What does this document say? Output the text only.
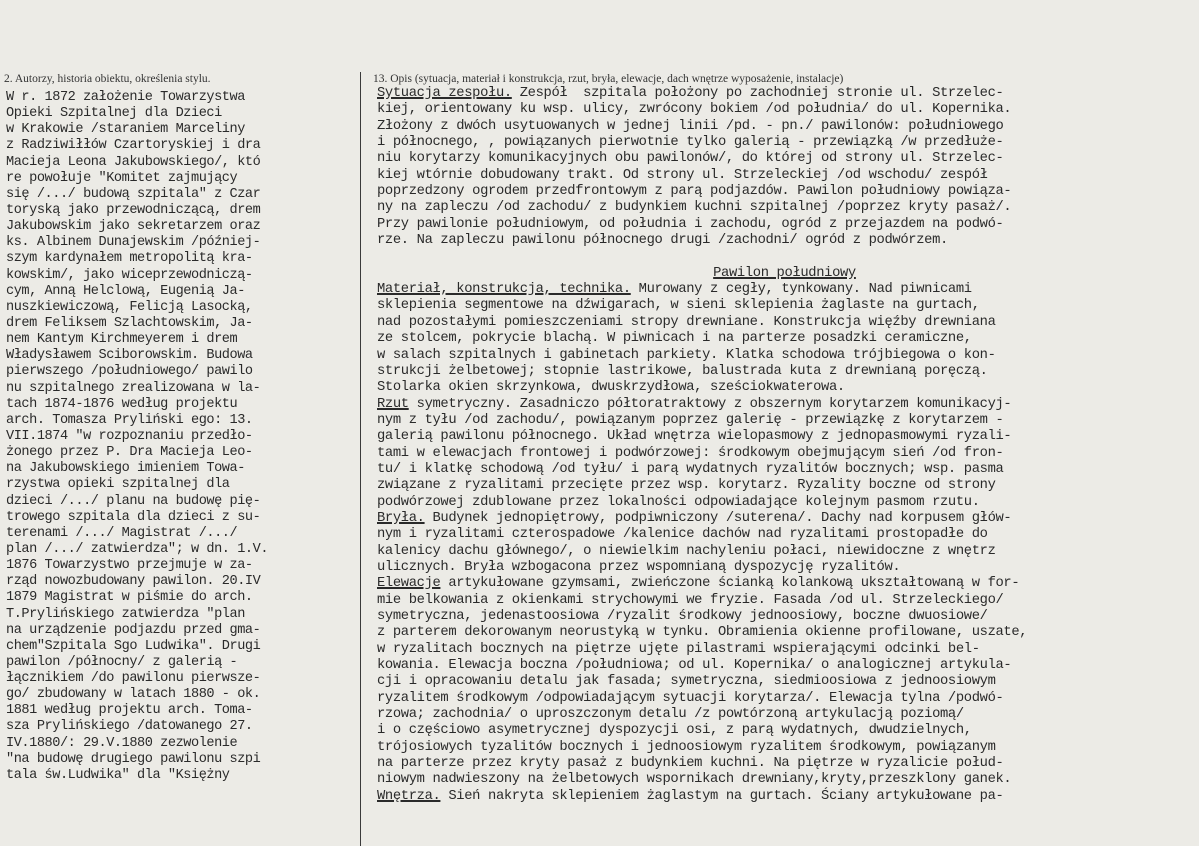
2. Autorzy, historia obiektu, określenia stylu.	13. Opis (sytuacja, materiał i konstrukcja, rzut, bryła, elewacje, dach wnętrze wyposażenie, instalacje)
W r. 1872 założenie Towarzystwa
Opieki Szpitalnej dla Dzieci
w Krakowie /staraniem Marceliny
z Radziwiłłów Czartoryskiej i dra
Macieja Leona Jakubowskiego/, któ
re powołuje "Komitet zajmujący
się /.../ budową szpitala" z Czar
toryską jako przewodniczącą, drem
Jakubowskim jako sekretarzem oraz
ks. Albinem Dunajewskim /później-
szym kardynałem metropolitą kra-
kowskim/, jako wiceprzewodniczą-
cym, Anną Helclową, Eugenią Ja-
nuszkiewiczową, Felicją Lasocką,
drem Feliksem Szlachtowskim, Ja-
nem Kantym Kirchmeyerem i drem
Władysławem Sciborowskim. Budowa
pierwszego /południowego/ pawilo
nu szpitalnego zrealizowana w la-
tach 1874-1876 według projektu
arch. Tomasza Pryliński ego: 13.
VII.1874 "w rozpoznaniu przedło-
żonego przez P. Dra Macieja Leo-
na Jakubowskiego imieniem Towa-
rzystwa opieki szpitalnej dla
dzieci /.../ planu na budowę pię-
trowego szpitala dla dzieci z su-
terenami /.../ Magistrat /.../
plan /.../ zatwierdza"; w dn. 1.V.
1876 Towarzystwo przejmuje w za-
rząd nowozbudowany pawilon. 20.IV
1879 Magistrat w piśmie do arch.
T.Prylińskiego zatwierdza "plan
na urządzenie podjazdu przed gma-
chem"Szpitala Sgo Ludwika". Drugi
pawilon /północny/ z galerią -
łącznikiem /do pawilonu pierwsze-
go/ zbudowany w latach 1880 - ok.
1881 według projektu arch. Toma-
sza Prylińskiego /datowanego 27.
IV.1880/: 29.V.1880 zezwolenie
"na budowę drugiego pawilonu szpi
tala św.Ludwika" dla "Księżny
Sytuacja zespołu. Zespół  szpitala położony po zachodniej stronie ul. Strzelec-
kiej, orientowany ku wsp. ulicy, zwrócony bokiem /od południa/ do ul. Kopernika.
Złożony z dwóch usytuowanych w jednej linii /pd. - pn./ pawilonów: południowego
i północnego, , powiązanych pierwotnie tylko galerią - przewiązką /w przedłuże-
niu korytarzy komunikacyjnych obu pawilonów/, do której od strony ul. Strzelec-
kiej wtórnie dobudowany trakt. Od strony ul. Strzeleckiej /od wschodu/ zespół
poprzedzony ogrodem przedfrontowym z parą podjazdów. Pawilon południowy powiąza-
ny na zapleczu /od zachodu/ z budynkiem kuchni szpitalnej /poprzez kryty pasaż/.
Przy pawilonie południowym, od południa i zachodu, ogród z przejazdem na podwó-
rze. Na zapleczu pawilonu północnego drugi /zachodni/ ogród z podwórzem.

Pawilon południowy
Materiał, konstrukcja, technika. Murowany z cegły, tynkowany. Nad piwnicami
sklepienia segmentowe na dźwigarach, w sieni sklepienia żaglaste na gurtach,
nad pozostałymi pomieszczeniami stropy drewniane. Konstrukcja więźby drewniana
ze stolcem, pokrycie blachą. W piwnicach i na parterze posadzki ceramiczne,
w salach szpitalnych i gabinetach parkiety. Klatka schodowa trójbiegowa o kon-
strukcji żelbetowej; stopnie lastrikowe, balustrada kuta z drewnianą poręczą.
Stolarka okien skrzynkowa, dwuskrzydłowa, sześciokwaterowa.
Rzut symetryczny. Zasadniczo półtoratraktowy z obszernym korytarzem komunikacyj-
nym z tyłu /od zachodu/, powiązanym poprzez galerię - przewiązkę z korytarzem -
galerią pawilonu północnego. Układ wnętrza wielopasmowy z jednopasmowymi ryzali-
tami w elewacjach frontowej i podwórzowej: środkowym obejmującym sień /od fron-
tu/ i klatkę schodową /od tyłu/ i parą wydatnych ryzalitów bocznych; wsp. pasma
związane z ryzalitami przecięte przez wsp. korytarz. Ryzality boczne od strony
podwórzowej zdublowane przez lokalności odpowiadające kolejnym pasmom rzutu.
Bryła. Budynek jednopiętrowy, podpiwniczony /suterena/. Dachy nad korpusem głów-
nym i ryzalitami czterospadowe /kalenice dachów nad ryzalitami prostopadłe do
kalenicy dachu głównego/, o niewielkim nachyleniu połaci, niewidoczne z wnętrz
ulicznych. Bryła wzbogacona przez wspomnianą dyspozycję ryzalitów.
Elewacje artykułowane gzymsami, zwieńczone ścianką kolankową ukształtowaną w for-
mie belkowania z okienkami strychowymi we fryzie. Fasada /od ul. Strzeleckiego/
symetryczna, jedenastoosiowa /ryzalit środkowy jednoosiowy, boczne dwuosiowe/
z parterem dekorowanym neorustyką w tynku. Obramienia okienne profilowane, uszate,
w ryzalitach bocznych na piętrze ujęte pilastrami wspierającymi odcinki bel-
kowania. Elewacja boczna /południowa; od ul. Kopernika/ o analogicznej artykula-
cji i opracowaniu detalu jak fasada; symetryczna, siedmioosiowa z jednoosiowym
ryzalitem środkowym /odpowiadającym sytuacji korytarza/. Elewacja tylna /podwó-
rzowa; zachodnia/ o uproszczonym detalu /z powtórzoną artykulacją poziomą/
i o częściowo asymetrycznej dyspozycji osi, z parą wydatnych, dwudzielnych,
trójosiowych tyzalitów bocznych i jednoosiowym ryzalitem środkowym, powiązanym
na parterze przez kryty pasaż z budynkiem kuchni. Na piętrze w ryzalicie połud-
niowym nadwieszony na żelbetowych wspornikach drewniany,kryty,przeszklony ganek.
Wnętrza. Sień nakryta sklepieniem żaglastym na gurtach. Ściany artykułowane pa-
